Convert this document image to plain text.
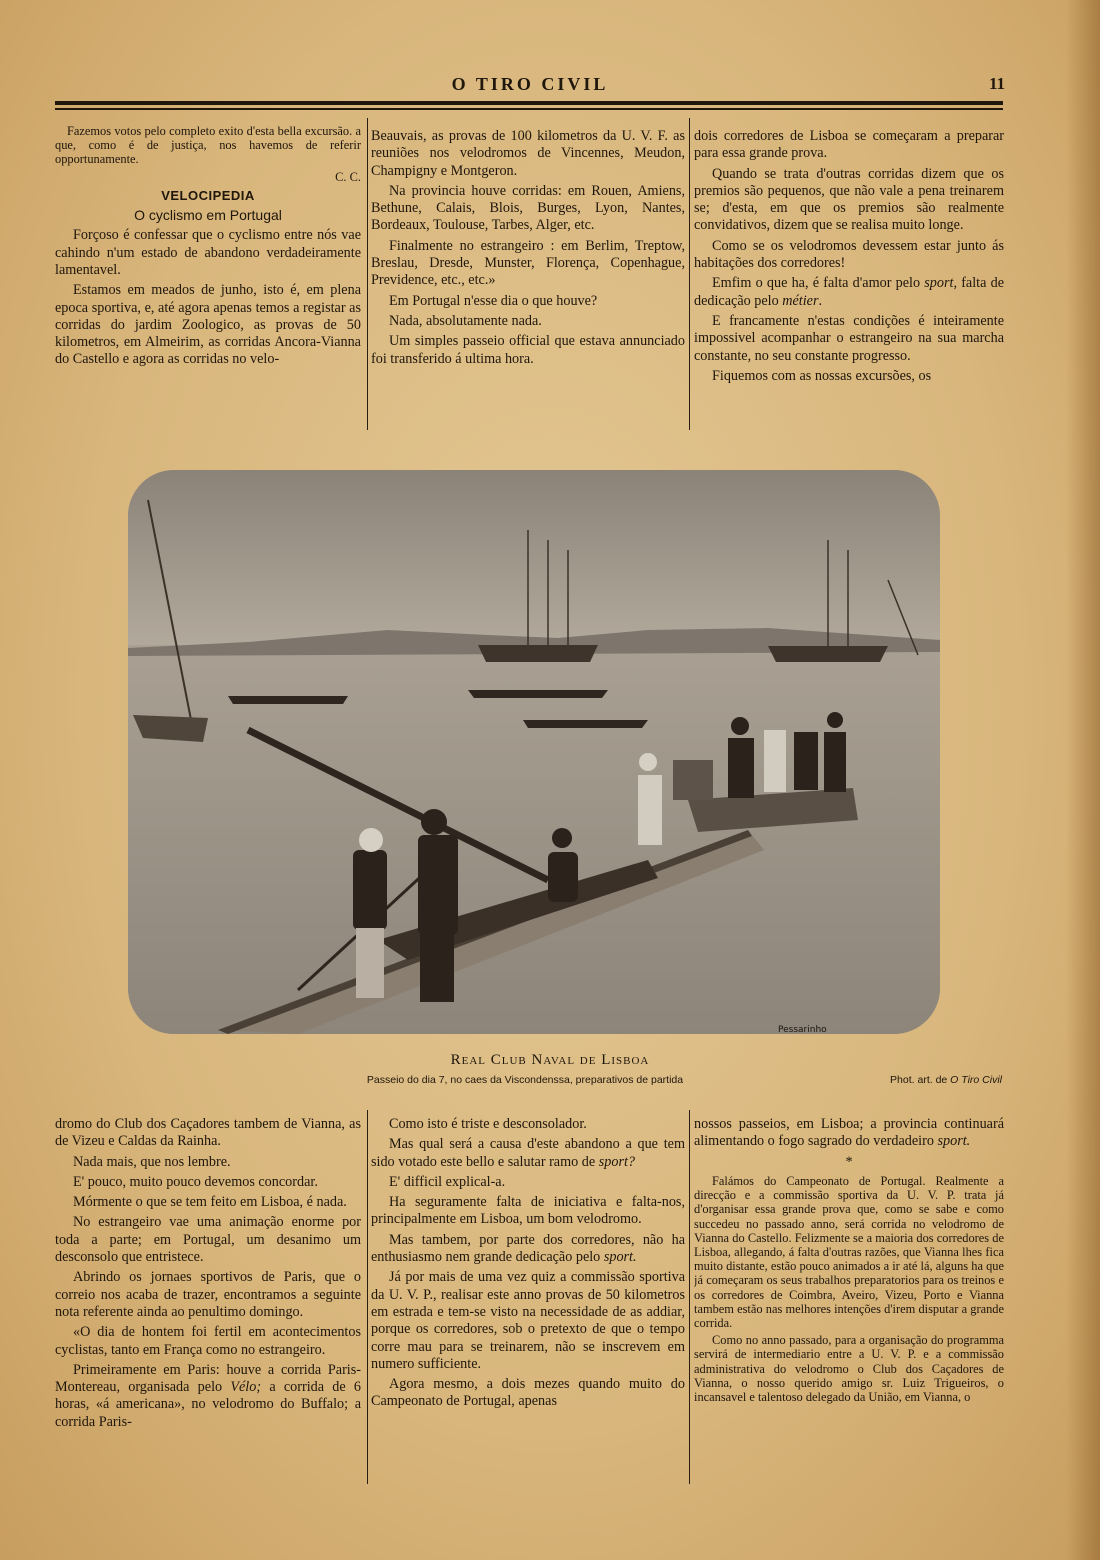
O TIRO CIVIL	11

Fazemos votos pelo completo exito d'esta bella excursão. a que, como é de justiça, nos havemos de referir opportunamente.

C. C.

VELOCIPEDIA

O cyclismo em Portugal

Forçoso é confessar que o cyclismo entre nós vae cahindo n'um estado de abandono verdadeiramente lamentavel.

Estamos em meados de junho, isto é, em plena epoca sportiva, e, até agora apenas temos a registar as corridas do jardim Zoologico, as provas de 50 kilometros, em Almeirim, as corridas Ancora-Vianna do Castello e agora as corridas no velo-

Beauvais, as provas de 100 kilometros da U. V. F. as reuniões nos velodromos de Vincennes, Meudon, Champigny e Montgeron.

Na provincia houve corridas: em Rouen, Amiens, Bethune, Calais, Blois, Burges, Lyon, Nantes, Bordeaux, Toulouse, Tarbes, Alger, etc.

Finalmente no estrangeiro : em Berlim, Treptow, Breslau, Dresde, Munster, Florença, Copenhague, Previdence, etc., etc.»

Em Portugal n'esse dia o que houve?

Nada, absolutamente nada.

Um simples passeio official que estava annunciado foi transferido á ultima hora.

dois corredores de Lisboa se começaram a preparar para essa grande prova.

Quando se trata d'outras corridas dizem que os premios são pequenos, que não vale a pena treinarem se; d'esta, em que os premios são realmente convidativos, dizem que se realisa muito longe.

Como se os velodromos devessem estar junto ás habitações dos corredores!

Emfim o que ha, é falta d'amor pelo sport, falta de dedicação pelo métier.

E francamente n'estas condições é inteiramente impossivel acompanhar o estrangeiro na sua marcha constante, no seu constante progresso.

Fiquemos com as nossas excursões, os

Pessarinho
Real Club Naval de Lisboa
Passeio do dia 7, no caes da Viscondenssa, preparativos de partida	Phot. art. de O Tiro Civil

dromo do Club dos Caçadores tambem de Vianna, as de Vizeu e Caldas da Rainha.

Nada mais, que nos lembre.

E' pouco, muito pouco devemos concordar.

Mórmente o que se tem feito em Lisboa, é nada.

No estrangeiro vae uma animação enorme por toda a parte; em Portugal, um desanimo um desconsolo que entristece.

Abrindo os jornaes sportivos de Paris, que o correio nos acaba de trazer, encontramos a seguinte nota referente ainda ao penultimo domingo.

«O dia de hontem foi fertil em acontecimentos cyclistas, tanto em França como no estrangeiro.

Primeiramente em Paris: houve a corrida Paris-Montereau, organisada pelo Vélo; a corrida de 6 horas, «á americana», no velodromo do Buffalo; a corrida Paris-

Como isto é triste e desconsolador.

Mas qual será a causa d'este abandono a que tem sido votado este bello e salutar ramo de sport?

E' difficil explical-a.

Ha seguramente falta de iniciativa e falta-nos, principalmente em Lisboa, um bom velodromo.

Mas tambem, por parte dos corredores, não ha enthusiasmo nem grande dedicação pelo sport.

Já por mais de uma vez quiz a commissão sportiva da U. V. P., realisar este anno provas de 50 kilometros em estrada e tem-se visto na necessidade de as addiar, porque os corredores, sob o pretexto de que o tempo corre mau para se treinarem, não se inscrevem em numero sufficiente.

Agora mesmo, a dois mezes quando muito do Campeonato de Portugal, apenas

nossos passeios, em Lisboa; a provincia continuará alimentando o fogo sagrado do verdadeiro sport.

*

Falámos do Campeonato de Portugal. Realmente a direcção e a commissão sportiva da U. V. P. trata já d'organisar essa grande prova que, como se sabe e como succedeu no passado anno, será corrida no velodromo de Vianna do Castello. Felizmente se a maioria dos corredores de Lisboa, allegando, á falta d'outras razões, que Vianna lhes fica muito distante, estão pouco animados a ir até lá, alguns ha que já começaram os seus trabalhos preparatorios para os treinos e os corredores de Coimbra, Aveiro, Vizeu, Porto e Vianna tambem estão nas melhores intenções d'irem disputar a grande corrida.

Como no anno passado, para a organisação do programma servirá de intermediario entre a U. V. P. e a commissão administrativa do velodromo o Club dos Caçadores de Vianna, o nosso querido amigo sr. Luiz Trigueiros, o incansavel e talentoso delegado da União, em Vianna, o
